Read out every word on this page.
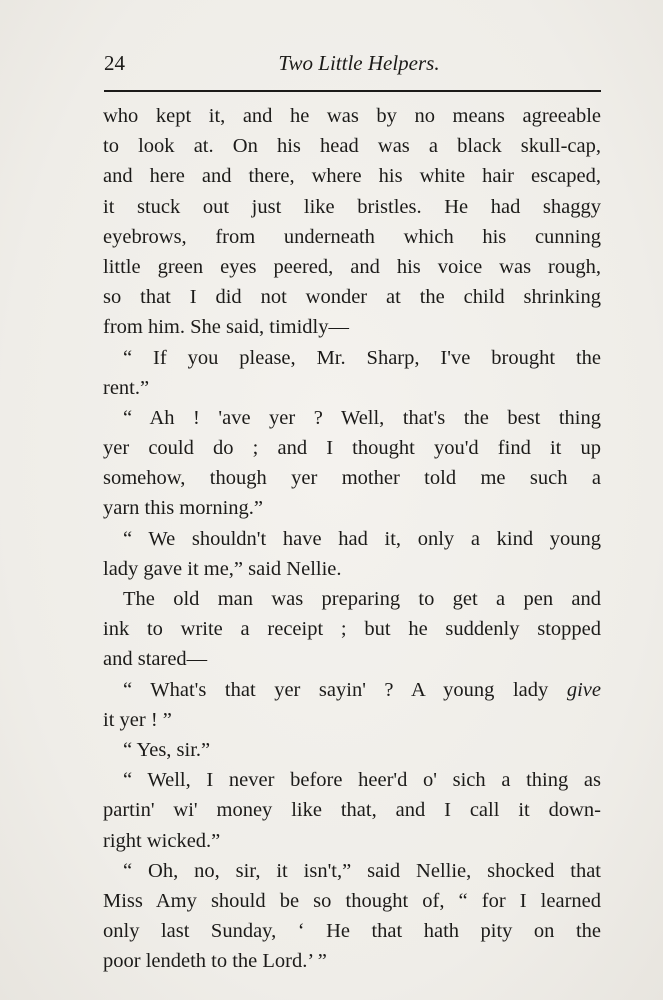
24	Two Little Helpers.
who kept it, and he was by no means agreeable
to look at. On his head was a black skull-cap,
and here and there, where his white hair escaped,
it stuck out just like bristles. He had shaggy
eyebrows, from underneath which his cunning
little green eyes peered, and his voice was rough,
so that I did not wonder at the child shrinking
from him. She said, timidly—
“ If you please, Mr. Sharp, I've brought the
rent.”
“ Ah ! 'ave yer ? Well, that's the best thing
yer could do ; and I thought you'd find it up
somehow, though yer mother told me such a
yarn this morning.”
“ We shouldn't have had it, only a kind young
lady gave it me,” said Nellie.
The old man was preparing to get a pen and
ink to write a receipt ; but he suddenly stopped
and stared—
“ What's that yer sayin' ? A young lady give
it yer ! ”
“ Yes, sir.”
“ Well, I never before heer'd o' sich a thing as
partin' wi' money like that, and I call it down-
right wicked.”
“ Oh, no, sir, it isn't,” said Nellie, shocked that
Miss Amy should be so thought of, “ for I learned
only last Sunday, ‘ He that hath pity on the
poor lendeth to the Lord.’ ”
